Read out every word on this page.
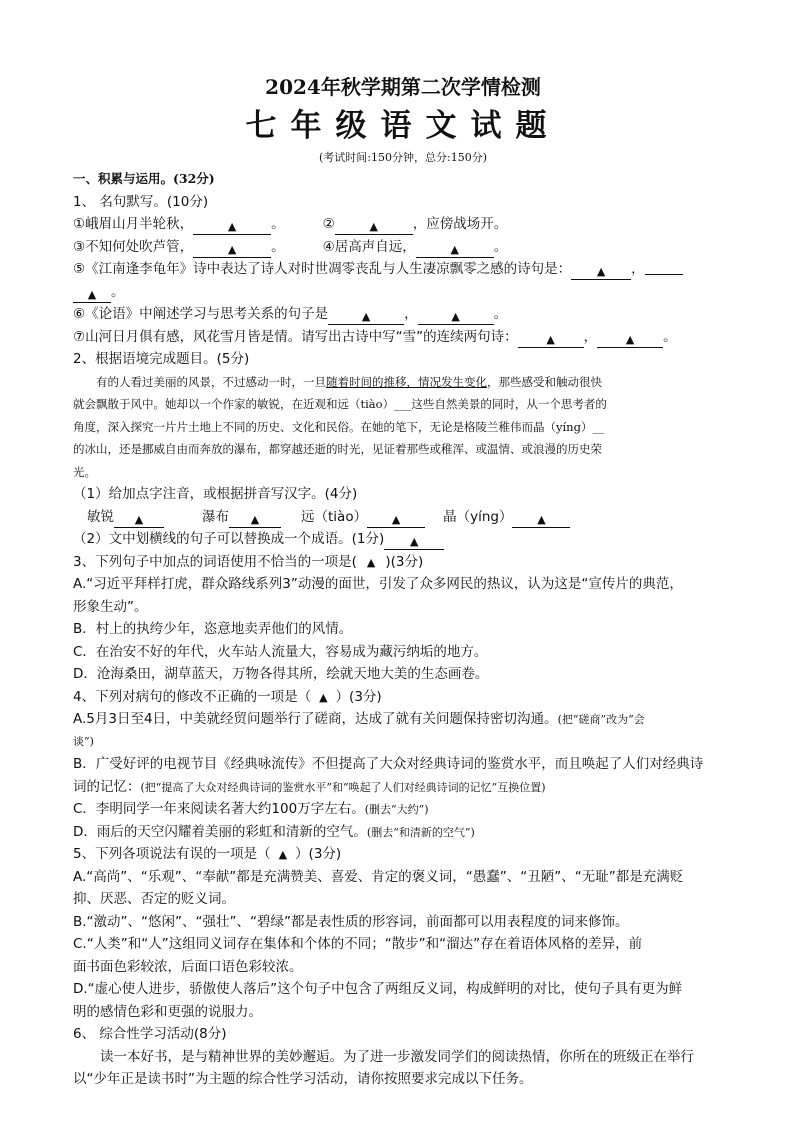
2024年秋学期第二次学情检测
七年级语文试题
(考试时间:150分钟，总分:150分)
一、积累与运用。(32分)
1、 名句默写。(10分)
①峨眉山月半轮秋，	▲	。	②	▲	，应傍战场开。
③不知何处吹芦管，	▲	。	④居高声自远，	▲	。
⑤《江南逢李龟年》诗中表达了诗人对时世凋零丧乱与人生凄凉飘零之感的诗句是： ▲ ，
▲ 。
⑥《论语》中阐述学习与思考关系的句子是	▲	，	▲	。
⑦山河日月俱有感，风花雪月皆是情。请写出古诗中写“雪”的连续两句诗：	▲ ，	▲ 。
2、根据语境完成题目。(5分)
有的人看过美丽的风景，不过感动一时，一旦随着时间的推移，情况发生变化，那些感受和触动很快
就会飘散于风中。她却以一个作家的敏锐，在近观和远（tiào）___这些自然美景的同时，从一个思考者的
角度，深入探究一片片土地上不同的历史、文化和民俗。在她的笔下，无论是格陵兰稚伟而晶（yíng）__
的冰山，还是挪威自由而奔放的瀑布，都穿越还逝的时光，见证着那些或稚浑、或温情、或浪漫的历史荣
光。
（1）给加点字注音，或根据拼音写汉字。(4分)
敏锐 ▲	瀑布 ▲	远（tiào） ▲	晶（yíng） ▲
（2）文中划横线的句子可以替换成一个成语。(1分) ▲
3、下列句子中加点的词语使用不恰当的一项是( ▲ )(3分)
A.“习近平拜样打虎，群众路线系列3”动漫的面世，引发了众多网民的热议，认为这是“宣传片的典范，
形象生动”。
B．村上的执绔少年，恣意地卖弄他们的风情。
C．在治安不好的年代，火车站人流量大，容易成为藏污纳垢的地方。
D．沧海桑田，湖草蓝天，万物各得其所，绘就天地大美的生态画卷。
4、下列对病句的修改不正确的一项是（ ▲ ）(3分)
A.5月3日至4日，中美就经贸问题举行了磋商，达成了就有关问题保持密切沟通。(把“磋商”改为“会
谈”)
B．广受好评的电视节目《经典咏流传》不但提高了大众对经典诗词的鉴赏水平，而且唤起了人们对经典诗
词的记忆：(把“提高了大众对经典诗词的鉴赏水平”和“唤起了人们对经典诗词的记忆”互换位置)
C．李明同学一年来阅读名著大约100万字左右。(删去“大约”)
D．雨后的天空闪耀着美丽的彩虹和清新的空气。(删去“和清新的空气”)
5、下列各项说法有误的一项是（ ▲ ）(3分)
A.“高尚”、“乐观”、“奉献”都是充满赞美、喜爱、肯定的褒义词，“愚蠢”、“丑陋”、“无耻”都是充满贬
抑、厌恶、否定的贬义词。
B.“激动”、“悠闲”、“强壮”、“碧绿”都是表性质的形容词，前面都可以用表程度的词来修饰。
C.“人类”和“人”这组同义词存在集体和个体的不同；“散步”和“溜达”存在着语体风格的差异，前
面书面色彩较浓，后面口语色彩较浓。
D.“虚心使人进步，骄傲使人落后”这个句子中包含了两组反义词，构成鲜明的对比，使句子具有更为鲜
明的感情色彩和更强的说服力。
6、 综合性学习活动(8分)
读一本好书，是与精神世界的美妙邂逅。为了进一步激发同学们的阅读热情，你所在的班级正在举行
以“少年正是读书时”为主题的综合性学习活动，请你按照要求完成以下任务。
